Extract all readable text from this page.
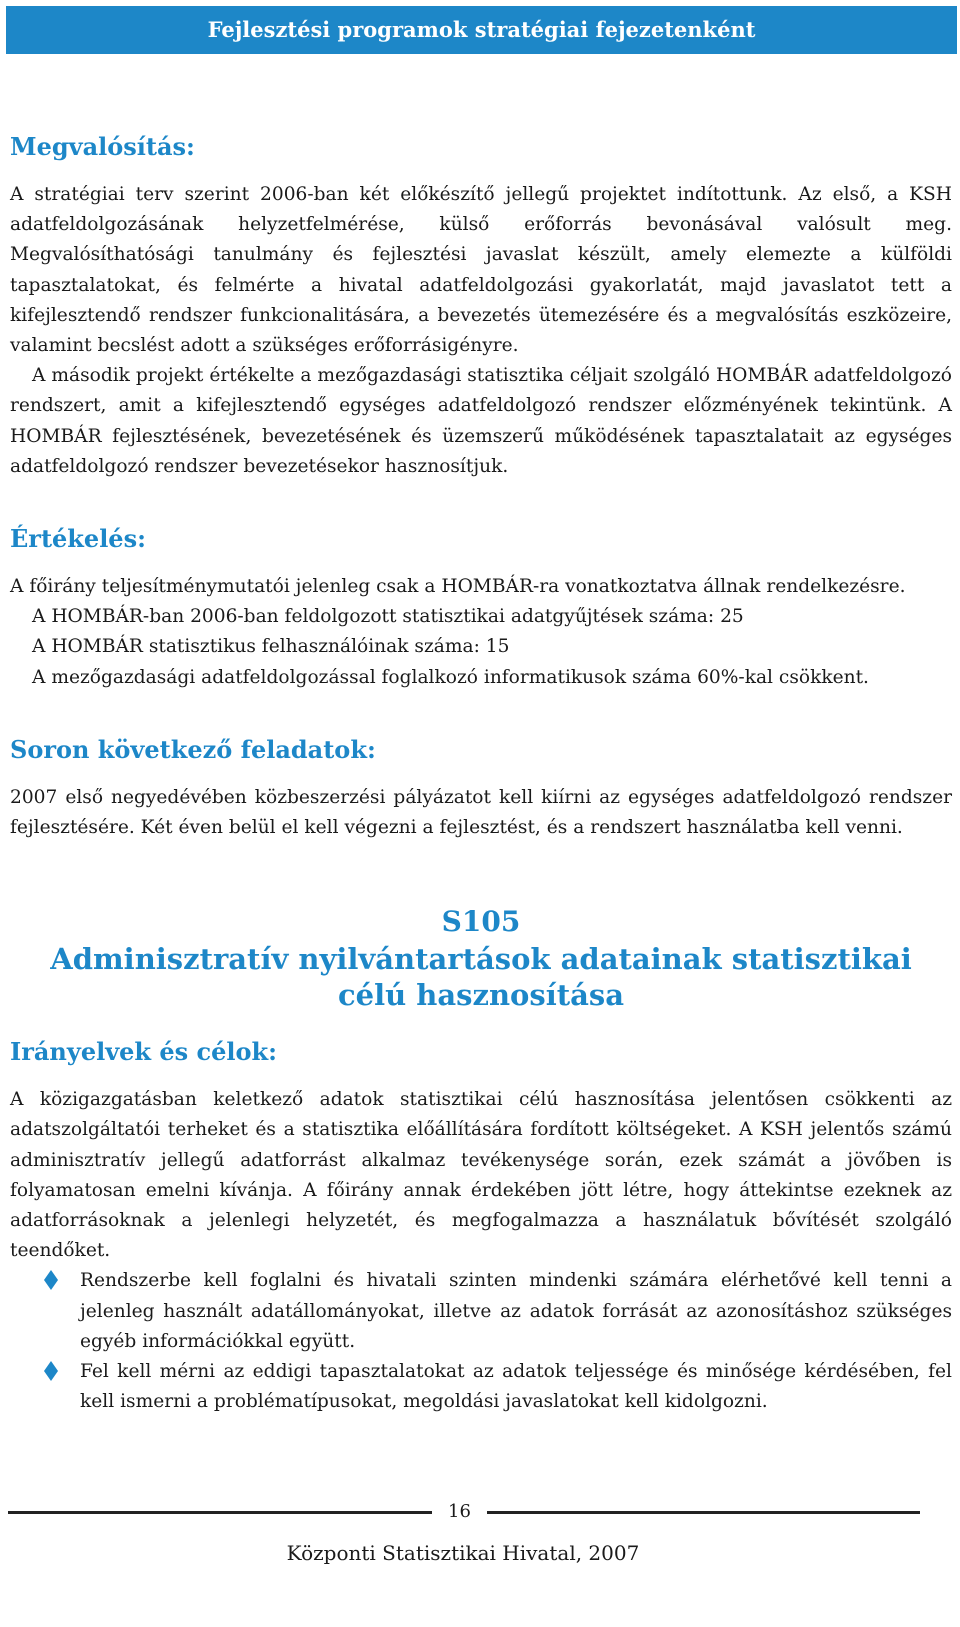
Fejlesztési programok stratégiai fejezetenként
Megvalósítás:

A stratégiai terv szerint 2006-ban két előkészítő jellegű projektet indítottunk. Az első, a KSH adatfeldolgozásának helyzetfelmérése, külső erőforrás bevonásával valósult meg. Megvalósíthatósági tanulmány és fejlesztési javaslat készült, amely elemezte a külföldi tapasztalatokat, és felmérte a hivatal adatfeldolgozási gyakorlatát, majd javaslatot tett a kifejlesztendő rendszer funkcionalitására, a bevezetés ütemezésére és a megvalósítás eszközeire, valamint becslést adott a szükséges erőforrásigényre.

A második projekt értékelte a mezőgazdasági statisztika céljait szolgáló HOMBÁR adatfeldolgozó rendszert, amit a kifejlesztendő egységes adatfeldolgozó rendszer előzményének tekintünk. A HOMBÁR fejlesztésének, bevezetésének és üzemszerű működésének tapasztalatait az egységes adatfeldolgozó rendszer bevezetésekor hasznosítjuk.

Értékelés:

A főirány teljesítménymutatói jelenleg csak a HOMBÁR-ra vonatkoztatva állnak rendelkezésre.

A HOMBÁR-ban 2006-ban feldolgozott statisztikai adatgyűjtések száma: 25

A HOMBÁR statisztikus felhasználóinak száma: 15

A mezőgazdasági adatfeldolgozással foglalkozó informatikusok száma 60%-kal csökkent.

Soron következő feladatok:

2007 első negyedévében közbeszerzési pályázatot kell kiírni az egységes adatfeldolgozó rendszer fejlesztésére. Két éven belül el kell végezni a fejlesztést, és a rendszert használatba kell venni.

S105
Adminisztratív nyilvántartások adatainak statisztikai
célú hasznosítása
Irányelvek és célok:

A közigazgatásban keletkező adatok statisztikai célú hasznosítása jelentősen csökkenti az adatszolgáltatói terheket és a statisztika előállítására fordított költségeket. A KSH jelentős számú adminisztratív jellegű adatforrást alkalmaz tevékenysége során, ezek számát a jövőben is folyamatosan emelni kívánja. A főirány annak érdekében jött létre, hogy áttekintse ezeknek az adatforrásoknak a jelenlegi helyzetét, és megfogalmazza a használatuk bővítését szolgáló teendőket.

Rendszerbe kell foglalni és hivatali szinten mindenki számára elérhetővé kell tenni a jelenleg használt adatállományokat, illetve az adatok forrását az azonosításhoz szükséges egyéb információkkal együtt.

Fel kell mérni az eddigi tapasztalatokat az adatok teljessége és minősége kérdésében, fel kell ismerni a problématípusokat, megoldási javaslatokat kell kidolgozni.

16
Központi Statisztikai Hivatal, 2007
